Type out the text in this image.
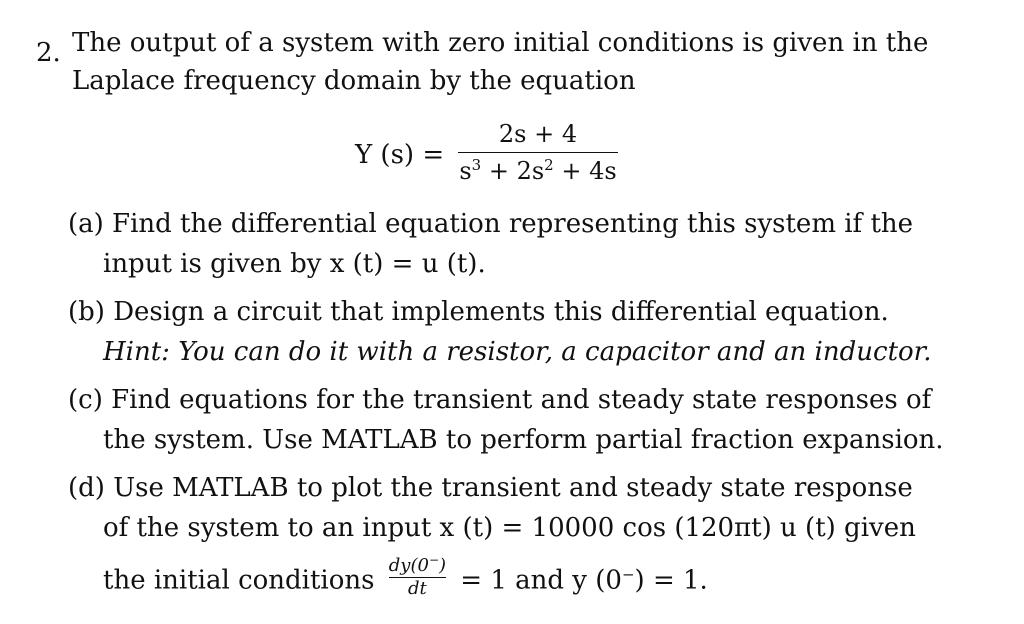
2. The output of a system with zero initial conditions is given in the
Laplace frequency domain by the equation
Y (s) =
2s + 4
$s^3 + 2s^2 + 4s$
(a) Find the differential equation representing this system if the
input is given by x (t) = u (t).
(b) Design a circuit that implements this differential equation.
Hint: You can do it with a resistor, a capacitor and an inductor.
(c) Find equations for the transient and steady state responses of
the system. Use MATLAB to perform partial fraction expansion.
(d) Use MATLAB to plot the transient and steady state response
of the system to an input x (t) = 10000 cos (120πt) u (t) given
the initial conditions $\frac{dy(0^-)}{dt} = 1$ and y (0−) = 1.
